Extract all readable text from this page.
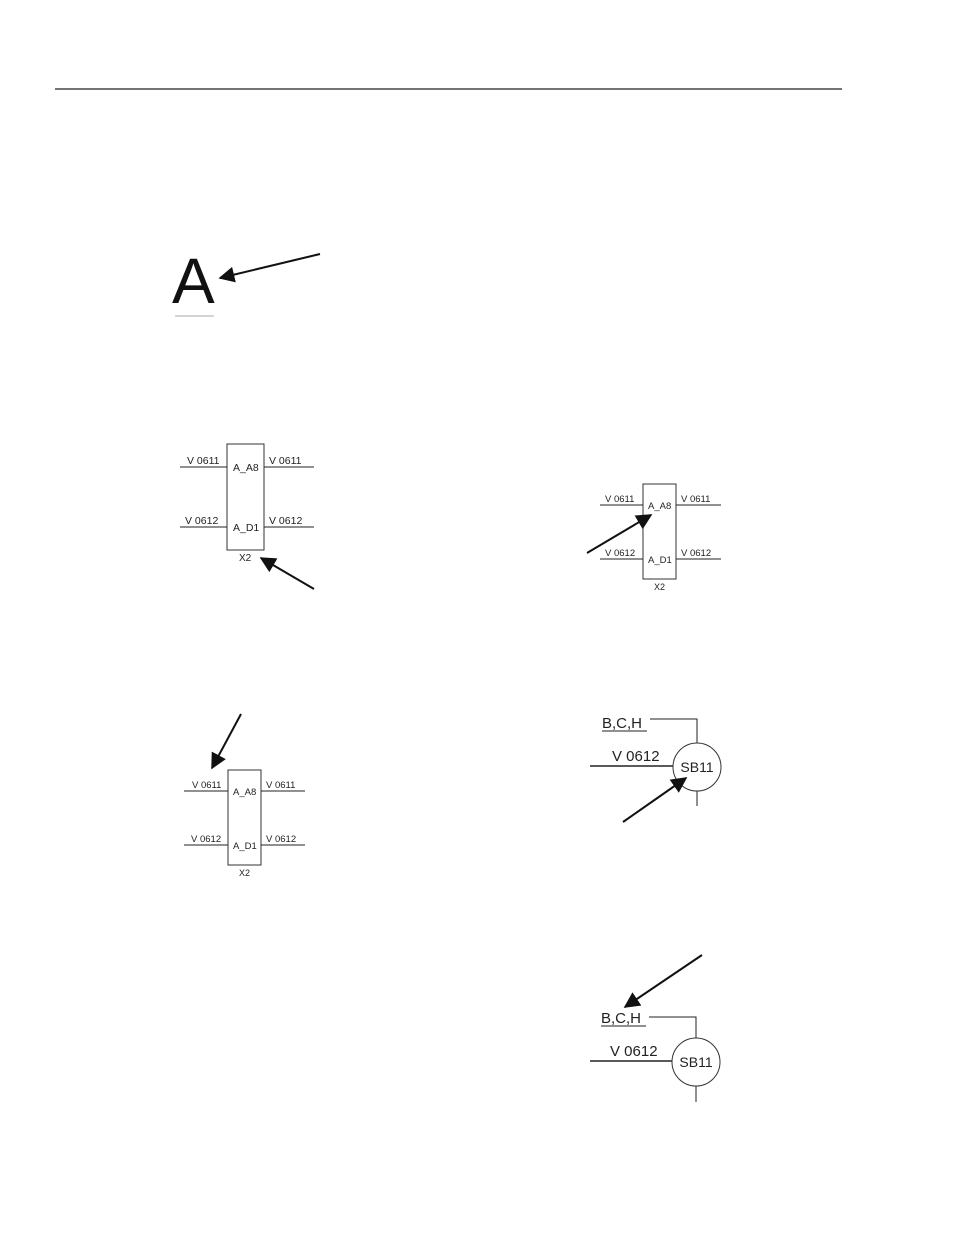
A
V 0611	V 0611
V 0612	V 0612
A_A8
A_D1
X2
V 0611	V 0611
V 0612	V 0612
A_A8
A_D1
X2
V 0611	V 0611
V 0612	V 0612
A_A8
A_D1
X2
B,C,H
V 0612
SB11
B,C,H
V 0612
SB11
